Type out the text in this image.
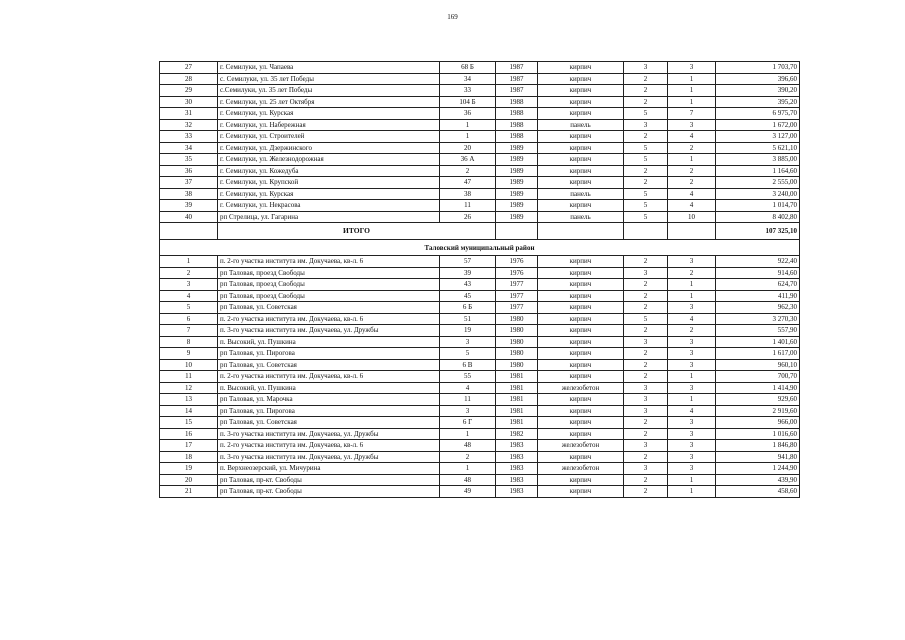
169
27	г. Семилуки, ул. Чапаева	68 Б	1987	кирпич	3	3	1 703,70
28	с. Семилуки, ул. 35 лет Победы	34	1987	кирпич	2	1	396,60
29	с.Семилуки, ул. 35 лет Победы	33	1987	кирпич	2	1	390,20
30	г. Семилуки, ул. 25 лет Октября	104 Б	1988	кирпич	2	1	395,20
31	г. Семилуки, ул. Курская	36	1988	кирпич	5	7	6 975,70
32	г. Семилуки, ул. Набережная	1	1988	панель	3	3	1 672,00
33	г. Семилуки, ул. Строителей	1	1988	кирпич	2	4	3 127,00
34	г. Семилуки, ул. Дзержинского	20	1989	кирпич	5	2	5 621,10
35	г. Семилуки, ул. Железнодорожная	36 А	1989	кирпич	5	1	3 885,00
36	г. Семилуки, ул. Кожедуба	2	1989	кирпич	2	2	1 164,60
37	г. Семилуки, ул. Крупской	47	1989	кирпич	2	2	2 555,00
38	г. Семилуки, ул. Курская	38	1989	панель	5	4	3 240,00
39	г. Семилуки, ул. Некрасова	11	1989	кирпич	5	4	1 014,70
40	рп Стрелица, ул. Гагарина	26	1989	панель	5	10	8 402,80
	ИТОГО						107 325,10
Таловский муниципальный район							
1	п. 2-го участка института им. Докучаева, кв-л. 6	57	1976	кирпич	2	3	922,40
2	рп Таловая, проезд Свободы	39	1976	кирпич	3	2	914,60
3	рп Таловая, проезд Свободы	43	1977	кирпич	2	1	624,70
4	рп Таловая, проезд Свободы	45	1977	кирпич	2	1	411,90
5	рп Таловая, ул. Советская	6 Б	1977	кирпич	2	3	962,30
6	п. 2-го участка института им. Докучаева, кв-л. 6	51	1980	кирпич	5	4	3 270,30
7	п. 3-го участка института им. Докучаева, ул. Дружбы	19	1980	кирпич	2	2	557,90
8	п. Высокий, ул. Пушкина	3	1980	кирпич	3	3	1 401,60
9	рп Таловая, ул. Пирогова	5	1980	кирпич	2	3	1 617,00
10	рп Таловая, ул. Советская	6 В	1980	кирпич	2	3	960,10
11	п. 2-го участка института им. Докучаева, кв-л. 6	55	1981	кирпич	2	1	700,70
12	п. Высокий, ул. Пушкина	4	1981	железобетон	3	3	1 414,90
13	рп Таловая, ул. Марочка	11	1981	кирпич	3	1	929,60
14	рп Таловая, ул. Пирогова	3	1981	кирпич	3	4	2 919,60
15	рп Таловая, ул. Советская	6 Г	1981	кирпич	2	3	966,00
16	п. 3-го участка института им. Докучаева, ул. Дружбы	1	1982	кирпич	2	3	1 016,60
17	п. 2-го участка института им. Докучаева, кв-л. 6	48	1983	железобетон	3	3	1 846,80
18	п. 3-го участка института им. Докучаева, ул. Дружбы	2	1983	кирпич	2	3	941,80
19	п. Верхнеозерский, ул. Мичурина	1	1983	железобетон	3	3	1 244,90
20	рп Таловая, пр-кт. Свободы	48	1983	кирпич	2	1	439,90
21	рп Таловая, пр-кт. Свободы	49	1983	кирпич	2	1	458,60
